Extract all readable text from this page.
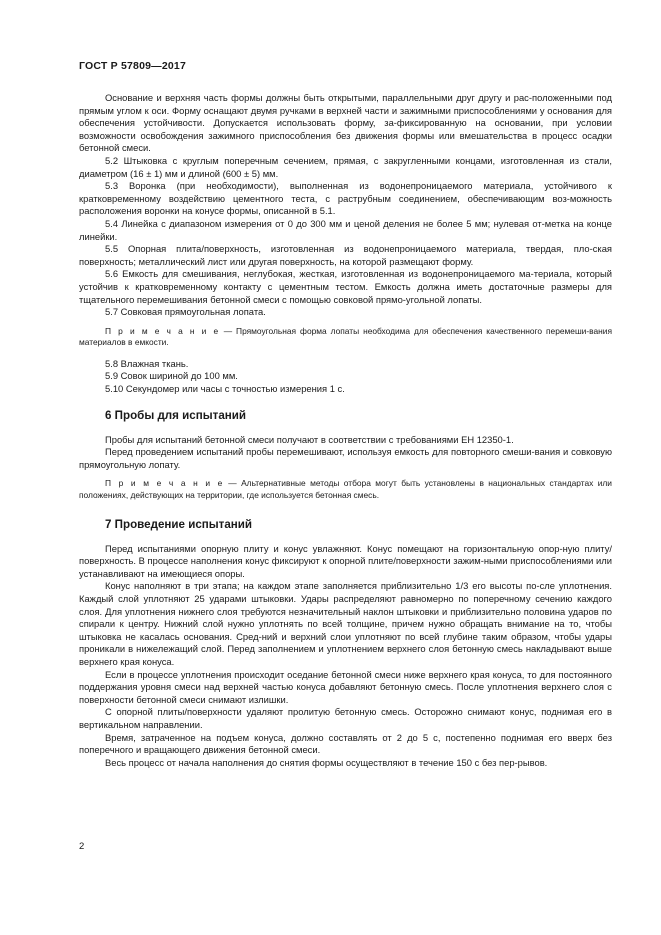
ГОСТ Р 57809—2017

Основание и верхняя часть формы должны быть открытыми, параллельными друг другу и рас-положенными под прямым углом к оси. Форму оснащают двумя ручками в верхней части и зажимными приспособлениями у основания для обеспечения устойчивости. Допускается использовать форму, за-фиксированную на основании, при условии возможности освобождения зажимного приспособления без движения формы или вмешательства в процесс осадки бетонной смеси.

5.2 Штыковка с круглым поперечным сечением, прямая, с закругленными концами, изготовленная из стали, диаметром (16 ± 1) мм и длиной (600 ± 5) мм.

5.3 Воронка (при необходимости), выполненная из водонепроницаемого материала, устойчивого к кратковременному воздействию цементного теста, с раструбным соединением, обеспечивающим воз-можность расположения воронки на конусе формы, описанной в 5.1.

5.4 Линейка с диапазоном измерения от 0 до 300 мм и ценой деления не более 5 мм; нулевая от-метка на конце линейки.

5.5 Опорная плита/поверхность, изготовленная из водонепроницаемого материала, твердая, пло-ская поверхность; металлический лист или другая поверхность, на которой размещают форму.

5.6 Емкость для смешивания, неглубокая, жесткая, изготовленная из водонепроницаемого ма-териала, который устойчив к кратковременному контакту с цементным тестом. Емкость должна иметь достаточные размеры для тщательного перемешивания бетонной смеси с помощью совковой прямо-угольной лопаты.

5.7 Совковая прямоугольная лопата.

П р и м е ч а н и е — Прямоугольная форма лопаты необходима для обеспечения качественного перемеши-вания материалов в емкости.

5.8 Влажная ткань.

5.9 Совок шириной до 100 мм.

5.10 Секундомер или часы с точностью измерения 1 с.

6 Пробы для испытаний

Пробы для испытаний бетонной смеси получают в соответствии с требованиями ЕН 12350-1.

Перед проведением испытаний пробы перемешивают, используя емкость для повторного смеши-вания и совковую прямоугольную лопату.

П р и м е ч а н и е — Альтернативные методы отбора могут быть установлены в национальных стандартах или положениях, действующих на территории, где используется бетонная смесь.

7 Проведение испытаний

Перед испытаниями опорную плиту и конус увлажняют. Конус помещают на горизонтальную опор-ную плиту/поверхность. В процессе наполнения конус фиксируют к опорной плите/поверхности зажим-ными приспособлениями или устанавливают на имеющиеся опоры.

Конус наполняют в три этапа; на каждом этапе заполняется приблизительно 1/3 его высоты по-сле уплотнения. Каждый слой уплотняют 25 ударами штыковки. Удары распределяют равномерно по поперечному сечению каждого слоя. Для уплотнения нижнего слоя требуются незначительный наклон штыковки и приблизительно половина ударов по спирали к центру. Нижний слой нужно уплотнять по всей толщине, причем нужно обращать внимание на то, чтобы штыковка не касалась основания. Сред-ний и верхний слои уплотняют по всей глубине таким образом, чтобы удары проникали в нижележащий слой. Перед заполнением и уплотнением верхнего слоя бетонную смесь накладывают выше верхнего края конуса.

Если в процессе уплотнения происходит оседание бетонной смеси ниже верхнего края конуса, то для постоянного поддержания уровня смеси над верхней частью конуса добавляют бетонную смесь. После уплотнения верхнего слоя с поверхности бетонной смеси снимают излишки.

С опорной плиты/поверхности удаляют пролитую бетонную смесь. Осторожно снимают конус, поднимая его в вертикальном направлении.

Время, затраченное на подъем конуса, должно составлять от 2 до 5 с, постепенно поднимая его вверх без поперечного и вращающего движения бетонной смеси.

Весь процесс от начала наполнения до снятия формы осуществляют в течение 150 с без пер-рывов.

2
